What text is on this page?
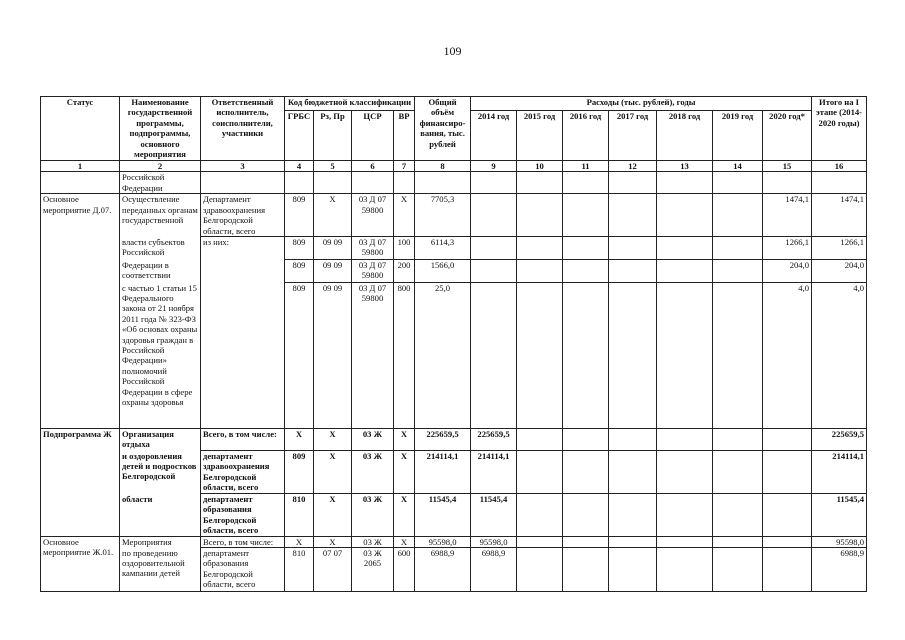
109
Статус	Наименование государственной программы, подпрограммы, основного мероприятия	Ответственный исполнитель, соисполнители, участники	Код бюджетной классификации				Общий объём финансиро-вания, тыс. рублей	Расходы (тыс. рублей), годы							Итого на I этапе (2014-2020 годы)
			ГРБС	Рз, Пр	ЦСР	ВР		2014 год	2015 год	2016 год	2017 год	2018 год	2019 год	2020 год*	
1	2	3	4	5	6	7	8	9	10	11	12	13	14	15	16
	Российской Федерации														
Основное мероприятие Д.07.	Осуществление переданных органам государственной	Департамент здравоохранения Белгородской области, всего	809	Х	03 Д 07 59800	Х	7705,3							1474,1	1474,1
	власти субъектов Российской	из них:	809	09 09	03 Д 07 59800	100	6114,3							1266,1	1266,1
	Федерации в соответствии		809	09 09	03 Д 07 59800	200	1566,0							204,0	204,0
	с частью 1 статьи 15 Федерального закона от 21 ноября 2011 года № 323-ФЗ «Об основах охраны здоровья граждан в Российской Федерации» полномочий Российской Федерации в сфере охраны здоровья		809	09 09	03 Д 07 59800	800	25,0							4,0	4,0
Подпрограмма Ж	Организация отдыха	Всего, в том числе:	Х	Х	03 Ж	Х	225659,5	225659,5							225659,5
	и оздоровления детей и подростков Белгородской	департамент здравоохранения Белгородской области, всего	809	Х	03 Ж	Х	214114,1	214114,1							214114,1
	области	департамент образования Белгородской области, всего	810	Х	03 Ж	Х	11545,4	11545,4							11545,4
Основное мероприятие Ж.01.	Мероприятия	Всего, в том числе:	Х	Х	03 Ж	Х	95598,0	95598,0							95598,0
	по проведению оздоровительной кампании детей	департамент образования Белгородской области, всего	810	07 07	03 Ж 2065	600	6988,9	6988,9							6988,9
